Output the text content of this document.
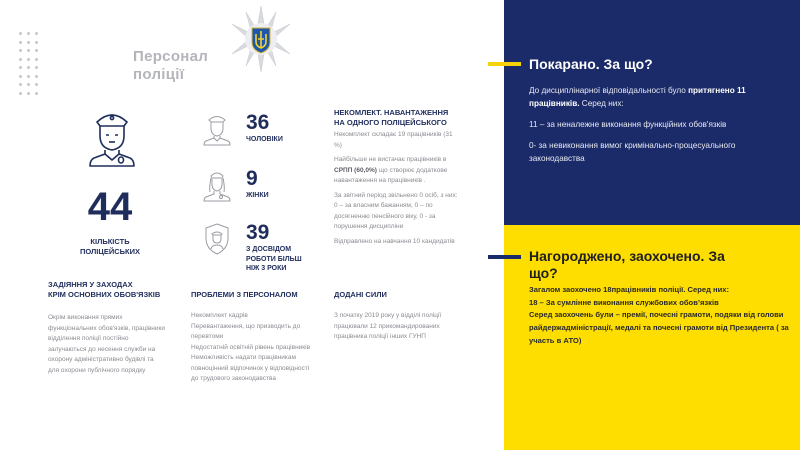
Персонал
поліції
44
КІЛЬКІСТЬ
ПОЛІЦЕЙСЬКИХ
36
ЧОЛОВІКИ
9
ЖІНКИ
39
З ДОСВІДОМ
РОБОТИ БІЛЬШ
НІЖ 3 РОКИ
НЕКОМЛЕКТ. НАВАНТАЖЕННЯ
НА ОДНОГО ПОЛІЦЕЙСЬКОГО

Некомплект складає 19 працівників (31 %)

Найбільше не вистачає працівників в СРПП (60,0%) що створює додаткове навантаження на працівників .

За звітний період звільнено 0 осіб, з них: 0 – за власним бажанням, 0 – по досягненню пенсійного віку, 0 - за порушення дисципліни

Відправлено на навчання 10 кандидатів

ЗАДІЯННЯ У ЗАХОДАХ
КРІМ ОСНОВНИХ ОБОВ'ЯЗКІВ

Окрім виконання прямих функціональних обов'язків, працівники відділення поліції постійно залучаються до несення служби на охорону адміністративно будівлі та для охорони публічного порядку

ПРОБЛЕМИ З ПЕРСОНАЛОМ
Некомплект кадрів
Перевантаження, що призводить до перевтоми
Недостатній освітній рівень працівників
Неможливість надати працівникам повноцінний відпочинок у відповідності до трудового законодавства
ДОДАНІ СИЛИ

З початку 2019 року у відділі поліції працювали 12 прикомандированих працівника поліції інших ГУНП

Покарано. За що?

До дисциплінарної відповідальності було притягнено 11 працівників. Серед них:

11 – за неналежне виконання функційних обов'язків

0- за невиконання вимог кримінально-процесуального законодавства

Нагороджено, заохочено. За що?
Загалом заохочено 18працівників поліції. Серед них:
18 – За сумлінне виконання службових обов’язків
Серед заохочень були – премії, почесні грамоти, подяки від голови райдержадміністрації, медалі та почесні грамоти від Президента ( за участь в АТО)
